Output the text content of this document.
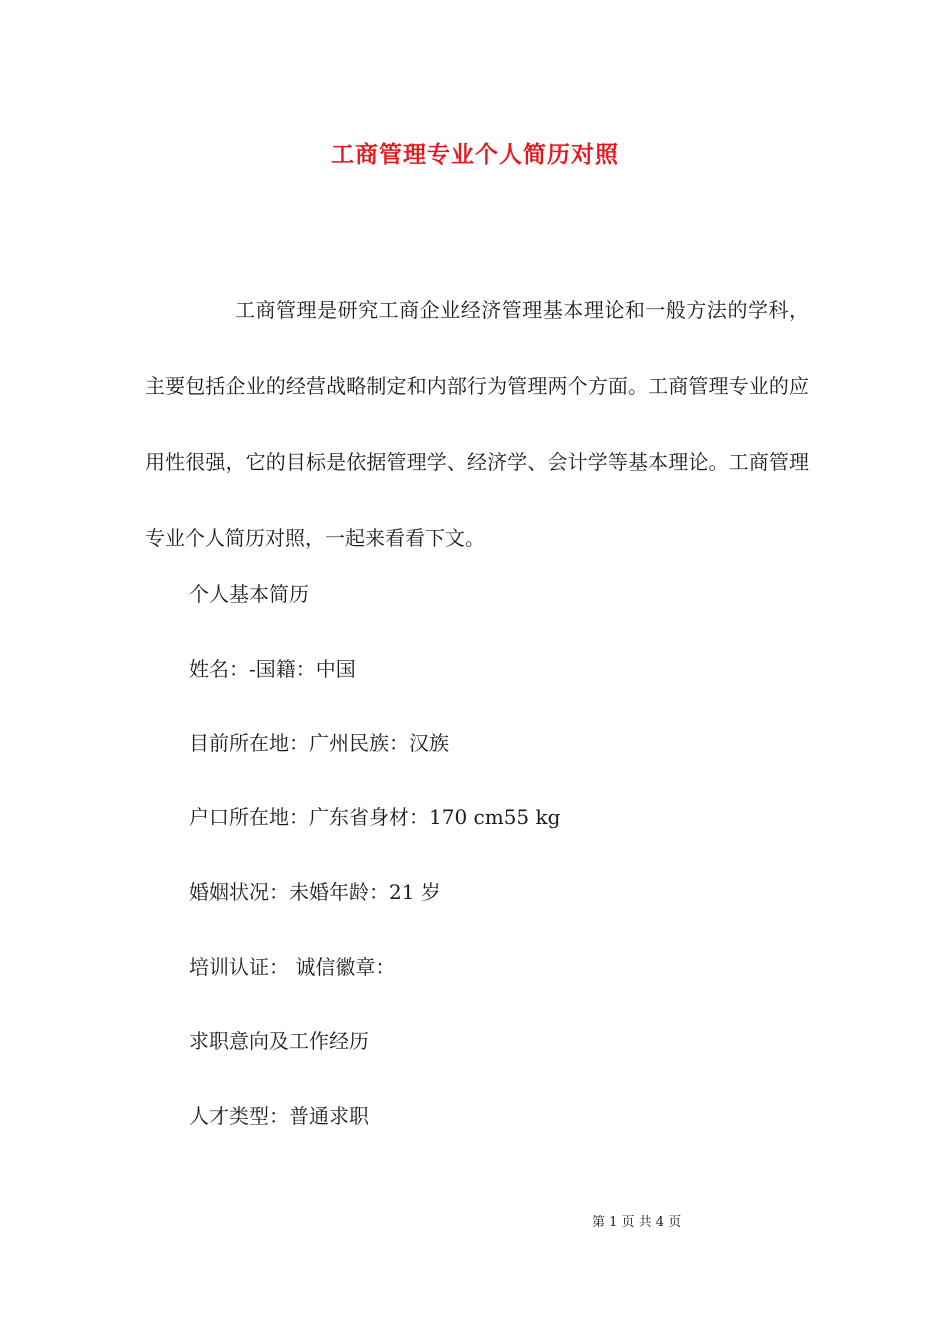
工商管理专业个人简历对照

工商管理是研究工商企业经济管理基本理论和一般方法的学科，主要包括企业的经营战略制定和内部行为管理两个方面。工商管理专业的应用性很强，它的目标是依据管理学、经济学、会计学等基本理论。工商管理专业个人简历对照，一起来看看下文。

个人基本简历

姓名：-国籍：中国

目前所在地：广州民族：汉族

户口所在地：广东省身材：170 cm55 kg

婚姻状况：未婚年龄：21 岁

培训认证： 诚信徽章：

求职意向及工作经历

人才类型：普通求职

第 1 页 共 4 页
